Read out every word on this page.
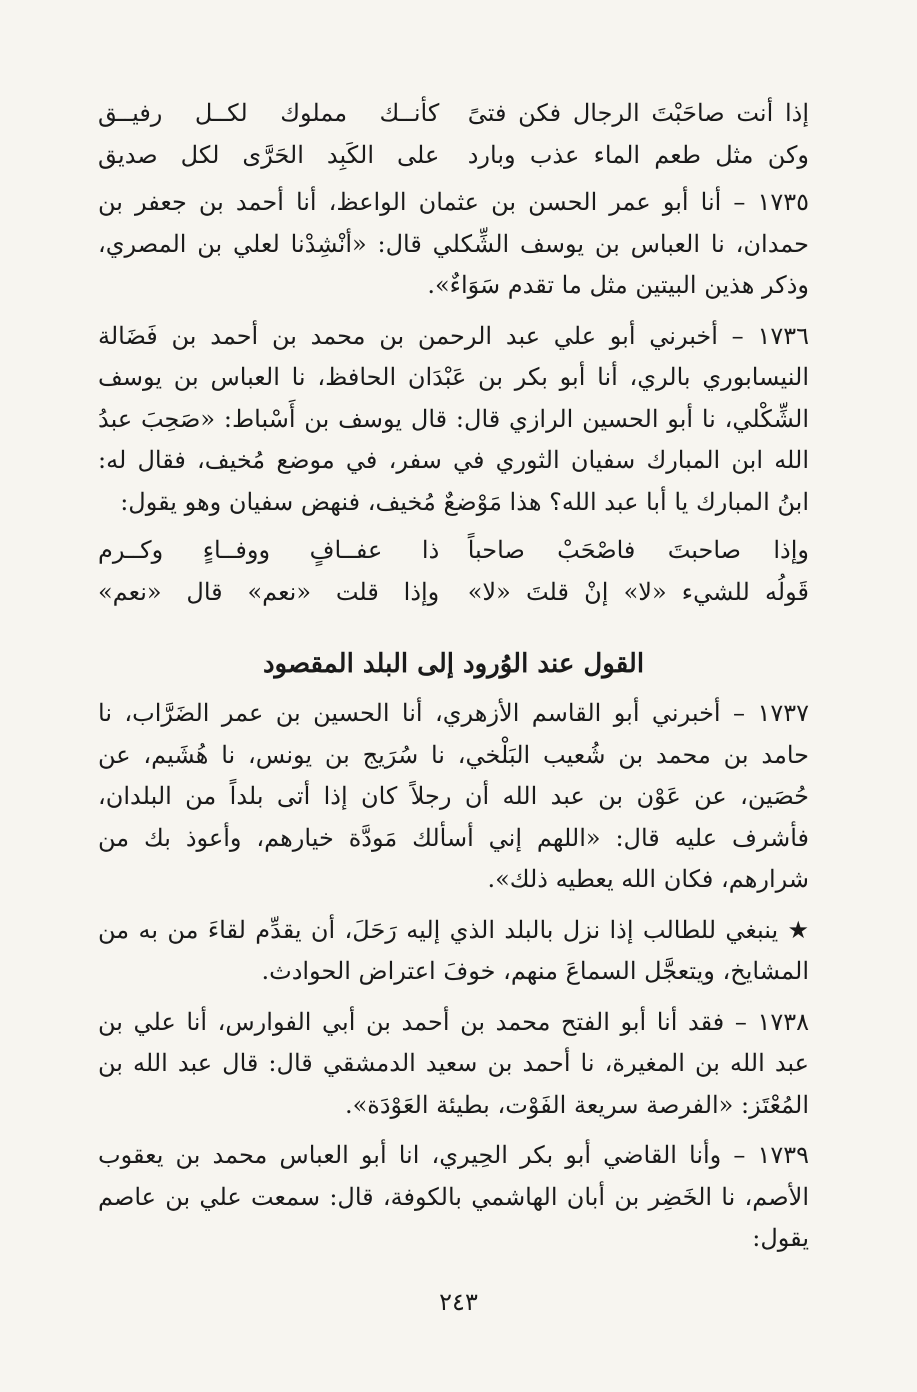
إذا أنت صاحَبْتَ الرجال فكن فتىً
كأنــك مملوك لكــل رفيــق
وكن مثل طعم الماء عذب وبارد
على الكَبِد الحَرَّى لكل صديق

١٧٣٥ – أنا أبو عمر الحسن بن عثمان الواعظ، أنا أحمد بن جعفر بن حمدان، نا العباس بن يوسف الشِّكلي قال: «أنْشِدْنا لعلي بن المصري، وذكر هذين البيتين مثل ما تقدم سَوَاءٌ».

١٧٣٦ – أخبرني أبو علي عبد الرحمن بن محمد بن أحمد بن فَضَالة النيسابوري بالري، أنا أبو بكر بن عَبْدَان الحافظ، نا العباس بن يوسف الشِّكْلي، نا أبو الحسين الرازي قال: قال يوسف بن أَسْباط: «صَحِبَ عبدُ الله ابن المبارك سفيان الثوري في سفر، في موضع مُخيف، فقال له: ابنُ المبارك يا أبا عبد الله؟ هذا مَوْضعٌ مُخيف، فنهض سفيان وهو يقول:

وإذا صاحبتَ فاصْحَبْ صاحباً
ذا عفــافٍ ووفــاءٍ وكــرم
قَولُه للشيء «لا» إنْ قلتَ «لا»
وإذا قلت «نعم» قال «نعم»
القول عند الوُرود إلى البلد المقصود

١٧٣٧ – أخبرني أبو القاسم الأزهري، أنا الحسين بن عمر الضَرَّاب، نا حامد بن محمد بن شُعيب البَلْخي، نا سُرَيج بن يونس، نا هُشَيم، عن حُصَين، عن عَوْن بن عبد الله أن رجلاً كان إذا أتى بلداً من البلدان، فأشرف عليه قال: «اللهم إني أسألك مَودَّة خيارهم، وأعوذ بك من شرارهم، فكان الله يعطيه ذلك».

★ ينبغي للطالب إذا نزل بالبلد الذي إليه رَحَلَ، أن يقدِّم لقاءَ من به من المشايخ، ويتعجَّل السماعَ منهم، خوفَ اعتراض الحوادث.

١٧٣٨ – فقد أنا أبو الفتح محمد بن أحمد بن أبي الفوارس، أنا علي بن عبد الله بن المغيرة، نا أحمد بن سعيد الدمشقي قال: قال عبد الله بن المُعْتَز: «الفرصة سريعة الفَوْت، بطيئة العَوْدَة».

١٧٣٩ – وأنا القاضي أبو بكر الحِيري، انا أبو العباس محمد بن يعقوب الأصم، نا الخَضِر بن أبان الهاشمي بالكوفة، قال: سمعت علي بن عاصم يقول:

٢٤٣
